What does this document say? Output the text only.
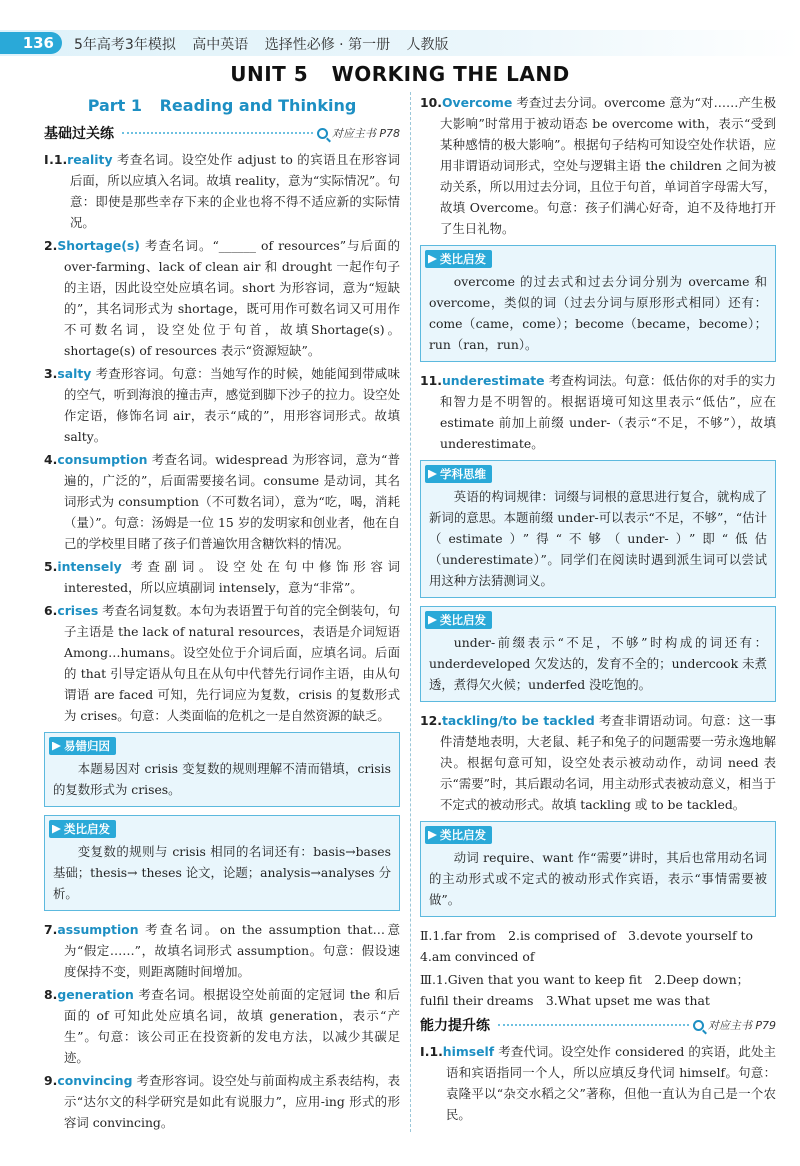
136	5年高考3年模拟 高中英语 选择性必修 · 第一册 人教版
UNIT 5 WORKING THE LAND
Part 1 Reading and Thinking
基础过关练	对应主书 P78
Ⅰ.1.reality 考查名词。设空处作 adjust to 的宾语且在形容词后面，所以应填入名词。故填 reality，意为“实际情况”。句意：即使是那些幸存下来的企业也将不得不适应新的实际情况。
2.Shortage(s) 考查名词。“______ of resources”与后面的 over-farming、lack of clean air 和 drought 一起作句子的主语，因此设空处应填名词。short 为形容词，意为“短缺的”，其名词形式为 shortage，既可用作可数名词又可用作不可数名词，设空处位于句首，故填Shortage(s)。shortage(s) of resources 表示“资源短缺”。
3.salty 考查形容词。句意：当她写作的时候，她能闻到带咸味的空气，听到海浪的撞击声，感觉到脚下沙子的拉力。设空处作定语，修饰名词 air，表示“咸的”，用形容词形式。故填 salty。
4.consumption 考查名词。widespread 为形容词，意为“普遍的，广泛的”，后面需要接名词。consume 是动词，其名词形式为 consumption（不可数名词），意为“吃，喝，消耗（量）”。句意：汤姆是一位 15 岁的发明家和创业者，他在自己的学校里目睹了孩子们普遍饮用含糖饮料的情况。
5.intensely 考查副词。设空处在句中修饰形容词 interested，所以应填副词 intensely，意为“非常”。
6.crises 考查名词复数。本句为表语置于句首的完全倒装句，句子主语是 the lack of natural resources，表语是介词短语 Among…humans。设空处位于介词后面，应填名词。后面的 that 引导定语从句且在从句中代替先行词作主语，由从句谓语 are faced 可知，先行词应为复数，crisis 的复数形式为 crises。句意：人类面临的危机之一是自然资源的缺乏。
易错归因
本题易因对 crisis 变复数的规则理解不清而错填，crisis 的复数形式为 crises。
类比启发
变复数的规则与 crisis 相同的名词还有：basis→bases 基础；thesis→ theses 论文，论题；analysis→analyses 分析。
7.assumption 考查名词。on the assumption that…意为“假定……”，故填名词形式 assumption。句意：假设速度保持不变，则距离随时间增加。
8.generation 考查名词。根据设空处前面的定冠词 the 和后面的 of 可知此处应填名词，故填 generation，表示“产生”。句意：该公司正在投资新的发电方法，以减少其碳足迹。
9.convincing 考查形容词。设空处与前面构成主系表结构，表示“达尔文的科学研究是如此有说服力”，应用-ing 形式的形容词 convincing。
10.Overcome 考查过去分词。overcome 意为“对……产生极大影响”时常用于被动语态 be overcome with，表示“受到某种感情的极大影响”。根据句子结构可知设空处作状语，应用非谓语动词形式，空处与逻辑主语 the children 之间为被动关系，所以用过去分词，且位于句首，单词首字母需大写，故填 Overcome。句意：孩子们满心好奇，迫不及待地打开了生日礼物。
类比启发
overcome 的过去式和过去分词分别为 overcame 和 overcome，类似的词（过去分词与原形形式相同）还有：come（came，come）；become（became，become）；run（ran，run）。
11.underestimate 考查构词法。句意：低估你的对手的实力和智力是不明智的。根据语境可知这里表示“低估”，应在 estimate 前加上前缀 under-（表示“不足，不够”），故填 underestimate。
学科思维
英语的构词规律：词缀与词根的意思进行复合，就构成了新词的意思。本题前缀 under-可以表示“不足，不够”，“估计（estimate）”得“不够（under-）”即“低估（underestimate）”。同学们在阅读时遇到派生词可以尝试用这种方法猜测词义。
类比启发
under-前缀表示“不足，不够”时构成的词还有：underdeveloped 欠发达的，发育不全的；undercook 未煮透，煮得欠火候；underfed 没吃饱的。
12.tackling/to be tackled 考查非谓语动词。句意：这一事件清楚地表明，大老鼠、耗子和兔子的问题需要一劳永逸地解决。根据句意可知，设空处表示被动动作，动词 need 表示“需要”时，其后跟动名词，用主动形式表被动意义，相当于不定式的被动形式。故填 tackling 或 to be tackled。
类比启发
动词 require、want 作“需要”讲时，其后也常用动名词的主动形式或不定式的被动形式作宾语，表示“事情需要被做”。
Ⅱ.1.far from　2.is comprised of　3.devote yourself to　4.am convinced of
Ⅲ.1.Given that you want to keep fit　2.Deep down；fulfil their dreams　3.What upset me was that
能力提升练	对应主书 P79
Ⅰ.1.himself 考查代词。设空处作 considered 的宾语，此处主语和宾语指同一个人，所以应填反身代词 himself。句意：袁隆平以“杂交水稻之父”著称，但他一直认为自己是一个农民。
